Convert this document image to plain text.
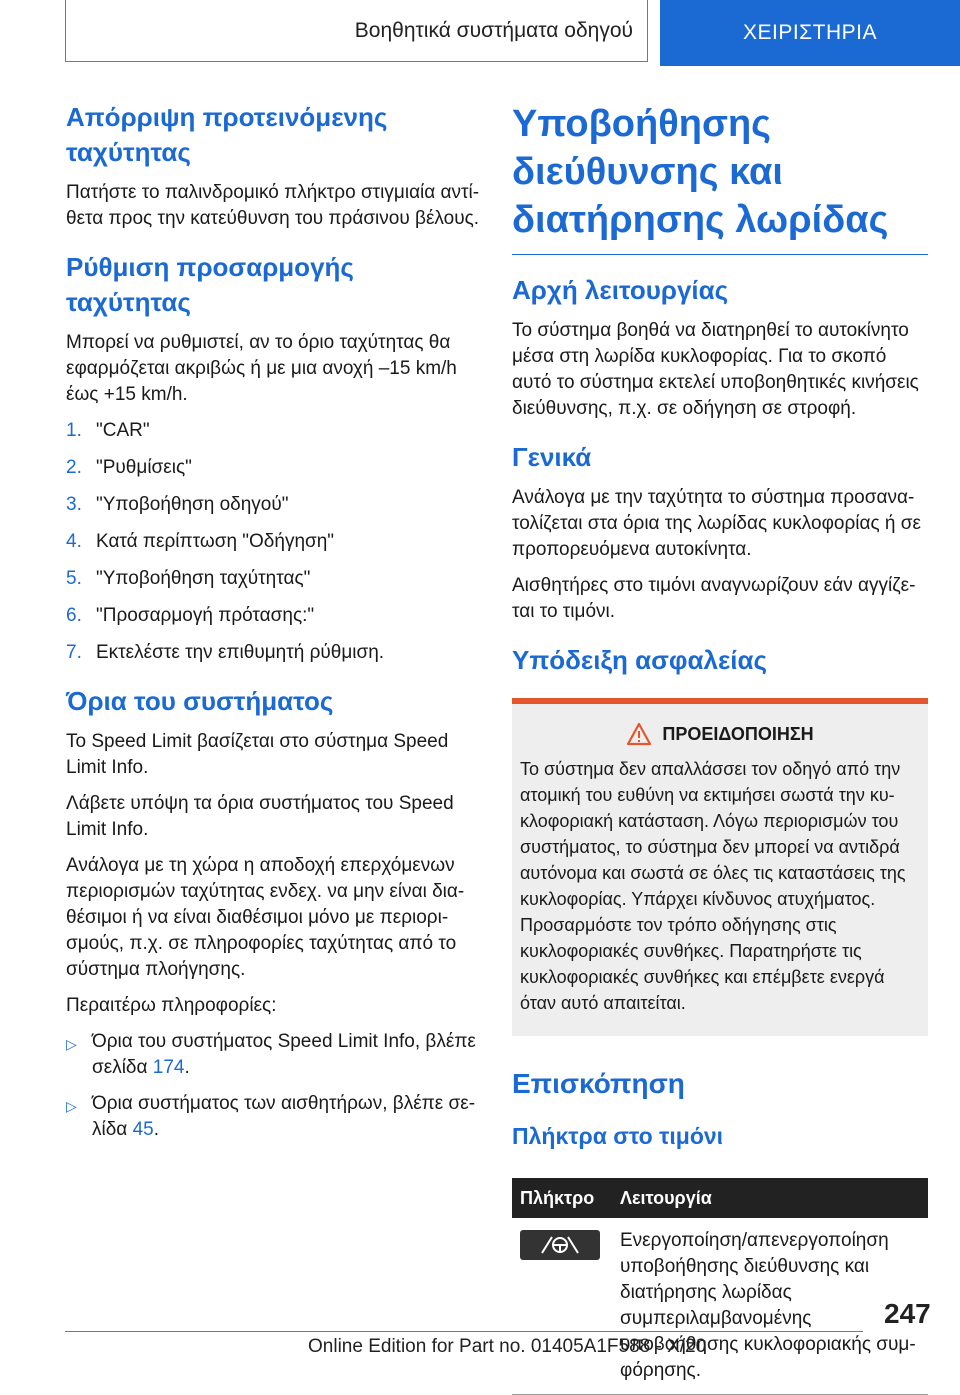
Βοηθητικά συστήματα οδηγού	ΧΕΙΡΙΣΤΗΡΙΑ
Απόρριψη προτεινόμενης ταχύτητας

Πατήστε το παλινδρομικό πλήκτρο στιγμιαία αντίθετα προς την κατεύθυνση του πράσινου βέλους.

Ρύθμιση προσαρμογής ταχύτητας

Μπορεί να ρυθμιστεί, αν το όριο ταχύτητας θα εφαρμόζεται ακριβώς ή με μια ανοχή –15 km/h έως +15 km/h.

1. "CAR"
2. "Ρυθμίσεις"
3. "Υποβοήθηση οδηγού"
4. Κατά περίπτωση "Οδήγηση"
5. "Υποβοήθηση ταχύτητας"
6. "Προσαρμογή πρότασης:"
7. Εκτελέστε την επιθυμητή ρύθμιση.
Όρια του συστήματος

Το Speed Limit βασίζεται στο σύστημα Speed Limit Info.

Λάβετε υπόψη τα όρια συστήματος του Speed Limit Info.

Ανάλογα με τη χώρα η αποδοχή επερχόμενων περιορισμών ταχύτητας ενδεχ. να μην είναι διαθέσιμοι ή να είναι διαθέσιμοι μόνο με περιορισμούς, π.χ. σε πληροφορίες ταχύτητας από το σύστημα πλοήγησης.

Περαιτέρω πληροφορίες:

▷ Όρια του συστήματος Speed Limit Info, βλέπε σελίδα 174.
▷ Όρια συστήματος των αισθητήρων, βλέπε σελίδα 45.
Υποβοήθησης διεύθυνσης και διατήρησης λωρίδας
Αρχή λειτουργίας

Το σύστημα βοηθά να διατηρηθεί το αυτοκίνητο μέσα στη λωρίδα κυκλοφορίας. Για το σκοπό αυτό το σύστημα εκτελεί υποβοηθητικές κινήσεις διεύθυνσης, π.χ. σε οδήγηση σε στροφή.

Γενικά

Ανάλογα με την ταχύτητα το σύστημα προσανατολίζεται στα όρια της λωρίδας κυκλοφορίας ή σε προπορευόμενα αυτοκίνητα.

Αισθητήρες στο τιμόνι αναγνωρίζουν εάν αγγίζεται το τιμόνι.

Υπόδειξη ασφαλείας
ΠΡΟΕΙΔΟΠΟΙΗΣΗ

Το σύστημα δεν απαλλάσσει τον οδηγό από την ατομική του ευθύνη να εκτιμήσει σωστά την κυκλοφοριακή κατάσταση. Λόγω περιορισμών του συστήματος, το σύστημα δεν μπορεί να αντιδρά αυτόνομα και σωστά σε όλες τις καταστάσεις της κυκλοφορίας. Υπάρχει κίνδυνος ατυχήματος. Προσαρμόστε τον τρόπο οδήγησης στις κυκλοφοριακές συνθήκες. Παρατηρήστε τις κυκλοφοριακές συνθήκες και επέμβετε ενεργά όταν αυτό απαιτείται.

Επισκόπηση
Πλήκτρα στο τιμόνι
Πλήκτρο	Λειτουργία

	Ενεργοποίηση/απενεργοποίηση υποβοήθησης διεύθυνσης και διατήρησης λωρίδας συμπεριλαμβανομένης υποβοήθησης κυκλοφοριακής συμφόρησης.
247
Online Edition for Part no. 01405A1F588 - X/20
